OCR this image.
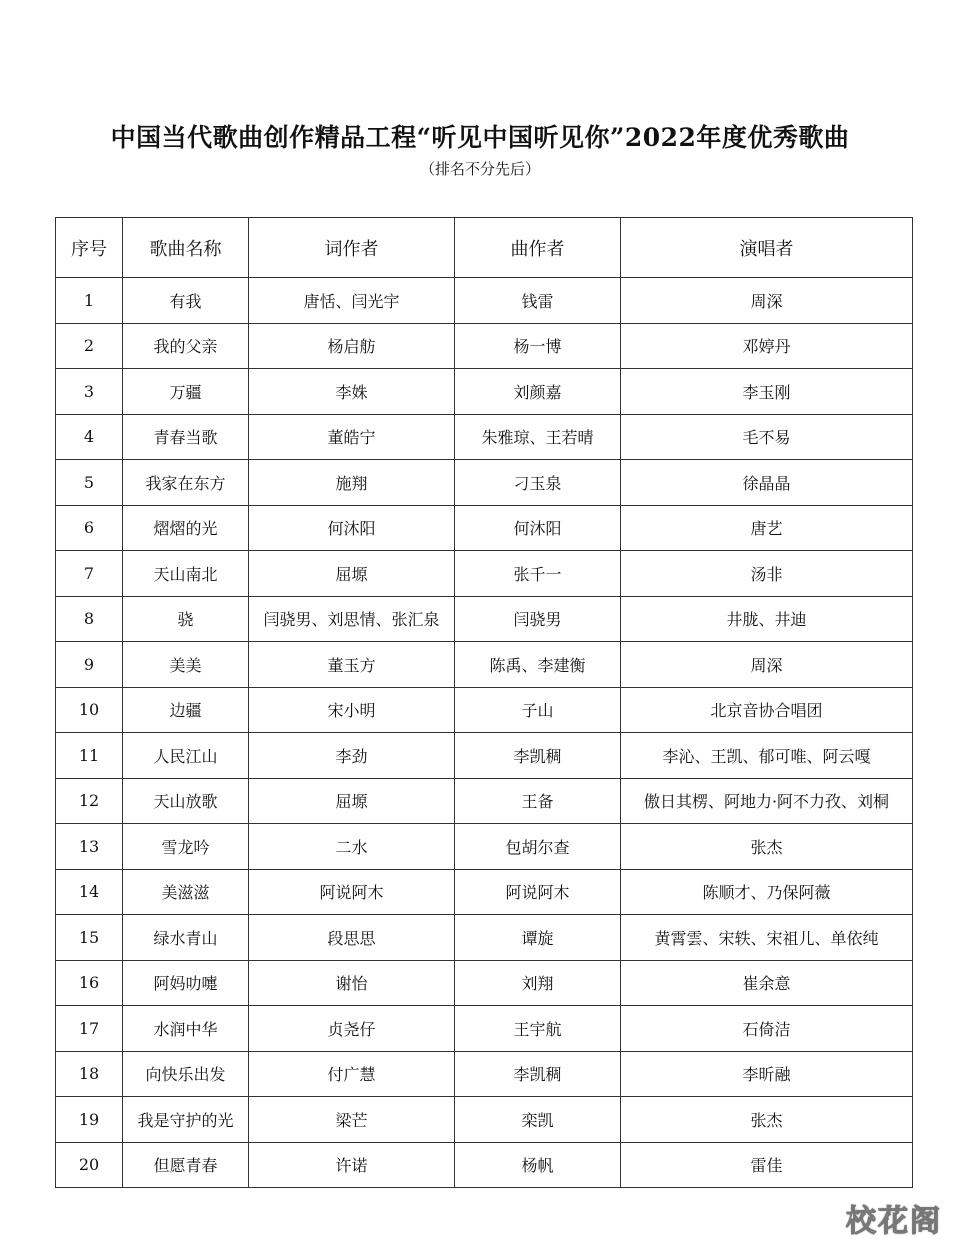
中国当代歌曲创作精品工程“听见中国听见你”2022年度优秀歌曲
（排名不分先后）
序号	歌曲名称	词作者	曲作者	演唱者
1	有我	唐恬、闫光宇	钱雷	周深
2	我的父亲	杨启舫	杨一博	邓婷丹
3	万疆	李姝	刘颜嘉	李玉刚
4	青春当歌	董皓宁	朱雅琼、王若晴	毛不易
5	我家在东方	施翔	刁玉泉	徐晶晶
6	熠熠的光	何沐阳	何沐阳	唐艺
7	天山南北	屈塬	张千一	汤非
8	骁	闫骁男、刘思情、张汇泉	闫骁男	井胧、井迪
9	美美	董玉方	陈禹、李建衡	周深
10	边疆	宋小明	子山	北京音协合唱团
11	人民江山	李劲	李凯稠	李沁、王凯、郁可唯、阿云嘎
12	天山放歌	屈塬	王备	傲日其楞、阿地力·阿不力孜、刘桐
13	雪龙吟	二水	包胡尔查	张杰
14	美滋滋	阿说阿木	阿说阿木	陈顺才、乃保阿薇
15	绿水青山	段思思	谭旋	黄霄雲、宋轶、宋祖儿、单依纯
16	阿妈叻嚏	谢怡	刘翔	崔余意
17	水润中华	贞尧仔	王宇航	石倚洁
18	向快乐出发	付广慧	李凯稠	李昕融
19	我是守护的光	梁芒	栾凯	张杰
20	但愿青春	许诺	杨帆	雷佳
校花阁
